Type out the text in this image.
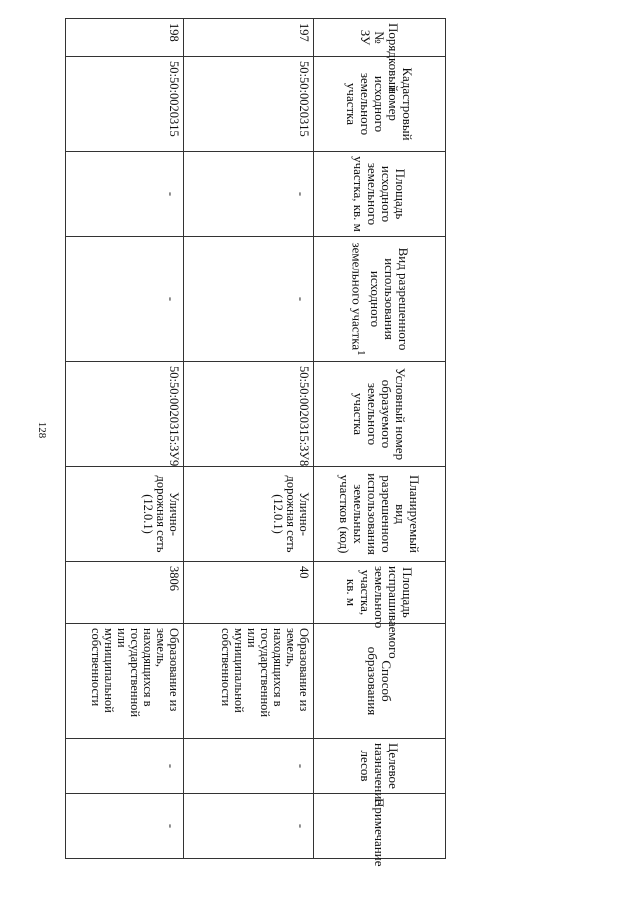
128
Порядковый № ЗУ	Кадастровый номер исходного земельного участка	Площадь исходного земельного участка, кв. м	Вид разрешенного использования исходного земельного участка$^1$	Условный номер образуемого земельного участка	Планируемый вид разрешенного использования земельных участков (код)	Площадь испрашиваемого земельного участка, кв. м	Способ образования	Целевое назначение лесов	Примечание
197	50:50:0020315	-	-	50:50:0020315:ЗУ8	Улично-дорожная сеть (12.0.1)	40	Образование из земель, находящихся в государственной или муниципальной собственности	-	-
198	50:50:0020315	-	-	50:50:0020315:ЗУ9	Улично-дорожная сеть (12.0.1)	3806	Образование из земель, находящихся в государственной или муниципальной собственности	-	-
